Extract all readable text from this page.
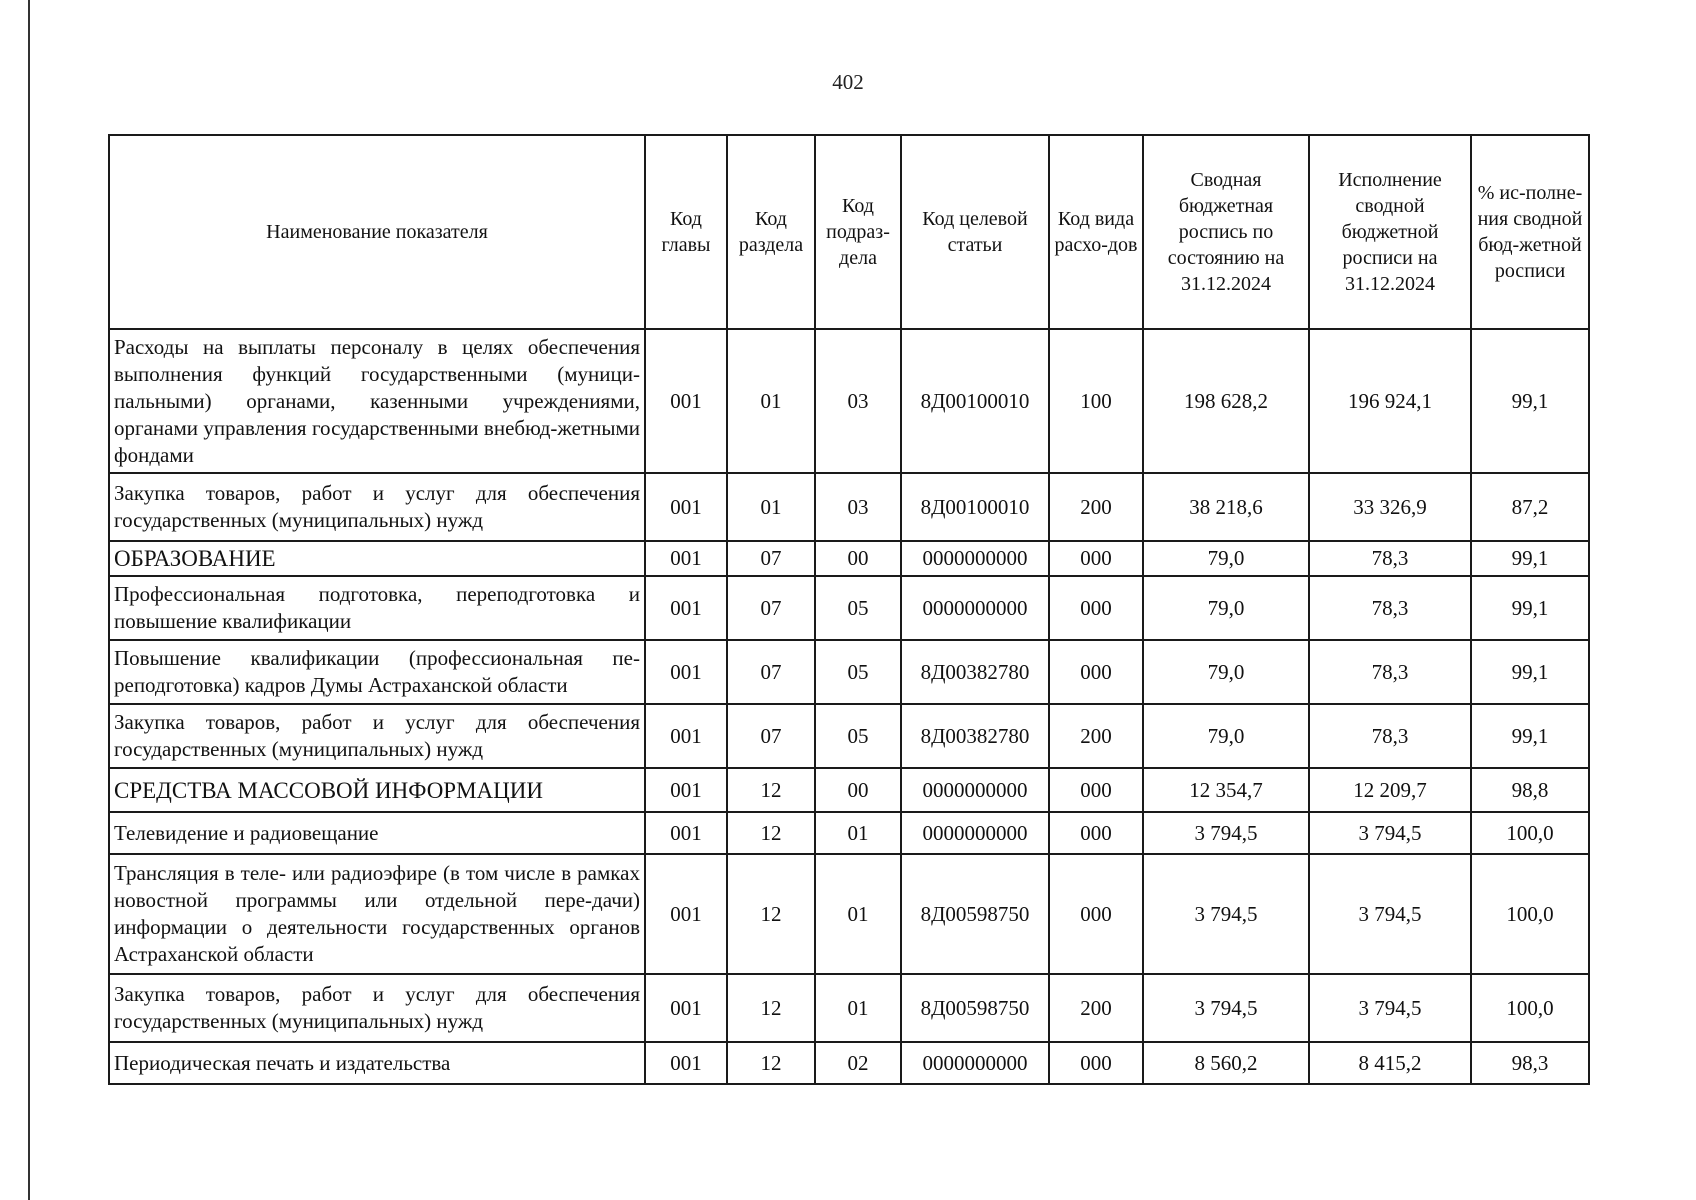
402
Наименование показателя	Код главы	Код раздела	Код подраз-дела	Код целевой статьи	Код вида расхо-дов	Сводная бюджетная роспись по состоянию на 31.12.2024	Исполнение сводной бюджетной росписи на 31.12.2024	% ис-полне-ния сводной бюд-жетной росписи
Расходы на выплаты персоналу в целях обеспечения выполнения функций государственными (муници-пальными) органами, казенными учреждениями, органами управления государственными внебюд-жетными фондами	001	01	03	8Д00100010	100	198 628,2	196 924,1	99,1
Закупка товаров, работ и услуг для обеспечения государственных (муниципальных) нужд	001	01	03	8Д00100010	200	38 218,6	33 326,9	87,2
ОБРАЗОВАНИЕ	001	07	00	0000000000	000	79,0	78,3	99,1
Профессиональная подготовка, переподготовка и повышение квалификации	001	07	05	0000000000	000	79,0	78,3	99,1
Повышение квалификации (профессиональная пе-реподготовка) кадров Думы Астраханской области	001	07	05	8Д00382780	000	79,0	78,3	99,1
Закупка товаров, работ и услуг для обеспечения государственных (муниципальных) нужд	001	07	05	8Д00382780	200	79,0	78,3	99,1
СРЕДСТВА МАССОВОЙ ИНФОРМАЦИИ	001	12	00	0000000000	000	12 354,7	12 209,7	98,8
Телевидение и радиовещание	001	12	01	0000000000	000	3 794,5	3 794,5	100,0
Трансляция в теле- или радиоэфире (в том числе в рамках новостной программы или отдельной пере-дачи) информации о деятельности государственных органов Астраханской области	001	12	01	8Д00598750	000	3 794,5	3 794,5	100,0
Закупка товаров, работ и услуг для обеспечения государственных (муниципальных) нужд	001	12	01	8Д00598750	200	3 794,5	3 794,5	100,0
Периодическая печать и издательства	001	12	02	0000000000	000	8 560,2	8 415,2	98,3
